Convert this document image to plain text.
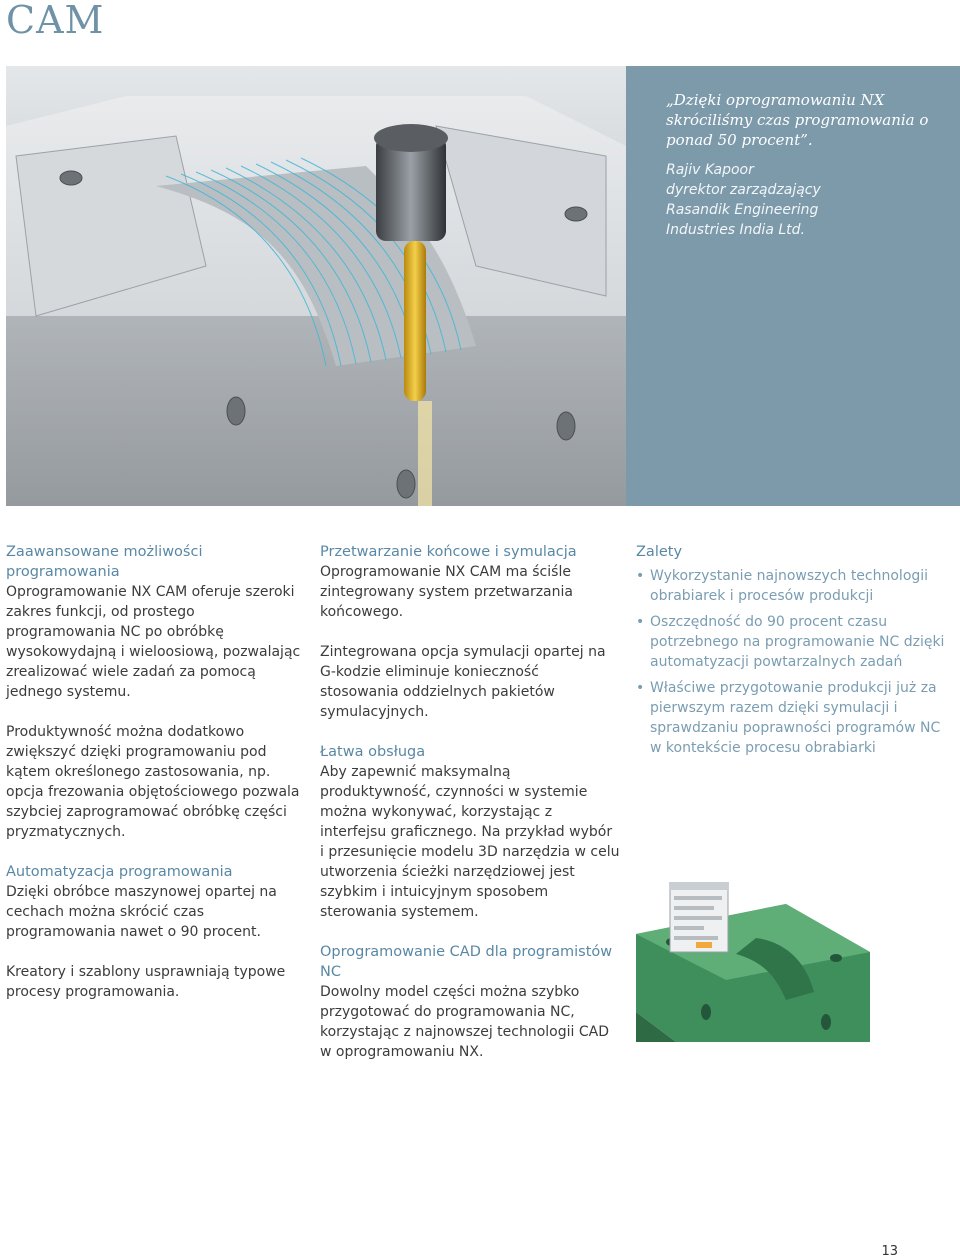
CAM

„Dzięki oprogramowaniu NX skróciliśmy czas programowania o ponad 50 procent”.

Rajiv Kapoor
dyrektor zarządzający
Rasandik Engineering
Industries India Ltd.
Zaawansowane możliwości programowania

Oprogramowanie NX CAM oferuje szeroki zakres funkcji, od prostego programowania NC po obróbkę wysokowydajną i wieloosiową, pozwalając zrealizować wiele zadań za pomocą jednego systemu.

Produktywność można dodatkowo zwiększyć dzięki programowaniu pod kątem określonego zastosowania, np. opcja frezowania objętościowego pozwala szybciej zaprogramować obróbkę części pryzmatycznych.

Automatyzacja programowania

Dzięki obróbce maszynowej opartej na cechach można skrócić czas programowania nawet o 90 procent.

Kreatory i szablony usprawniają typowe procesy programowania.

Przetwarzanie końcowe i symulacja

Oprogramowanie NX CAM ma ściśle zintegrowany system przetwarzania końcowego.

Zintegrowana opcja symulacji opartej na G-kodzie eliminuje konieczność stosowania oddzielnych pakietów symulacyjnych.

Łatwa obsługa

Aby zapewnić maksymalną produktywność, czynności w systemie można wykonywać, korzystając z interfejsu graficznego. Na przykład wybór i przesunięcie modelu 3D narzędzia w celu utworzenia ścieżki narzędziowej jest szybkim i intuicyjnym sposobem sterowania systemem.

Oprogramowanie CAD dla programistów NC

Dowolny model części można szybko przygotować do programowania NC, korzystając z najnowszej technologii CAD w oprogramowaniu NX.

Zalety
• Wykorzystanie najnowszych technologii obrabiarek i procesów produkcji
• Oszczędność do 90 procent czasu potrzebnego na programowanie NC dzięki automatyzacji powtarzalnych zadań
• Właściwe przygotowanie produkcji już za pierwszym razem dzięki symulacji i sprawdzaniu poprawności programów NC w kontekście procesu obrabiarki

13
